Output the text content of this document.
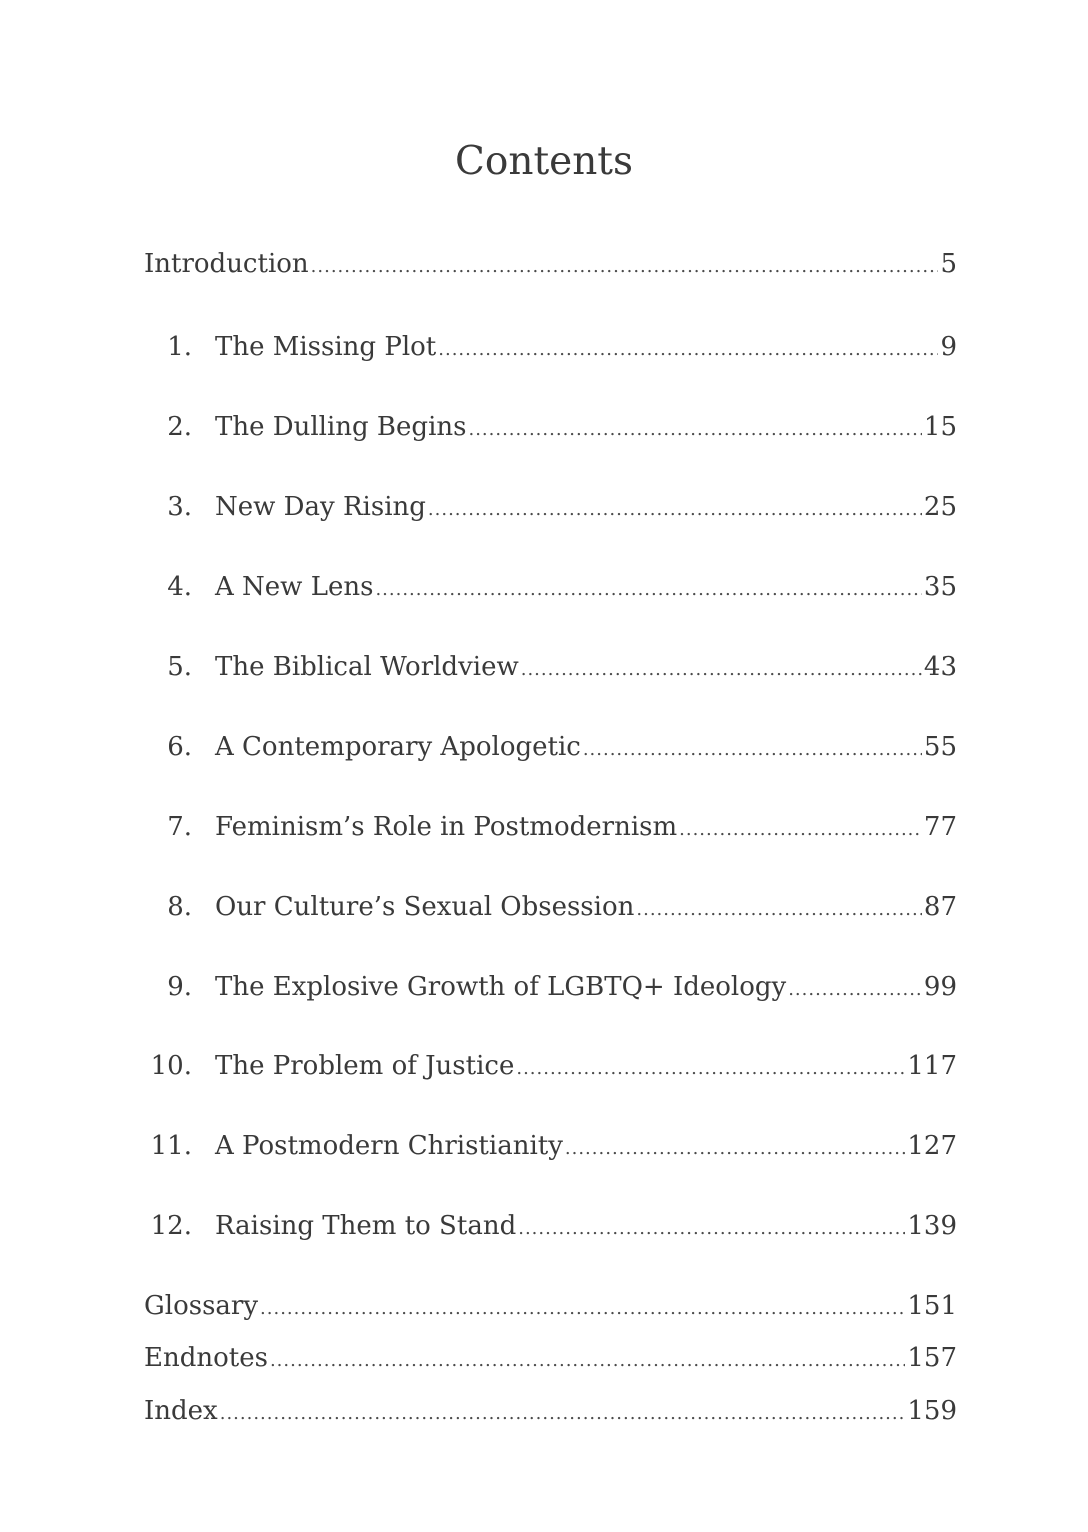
Contents
Introduction .....	5
1. The Missing Plot .....	9
2. The Dulling Begins .....	15
3. New Day Rising .....	25
4. A New Lens .....	35
5. The Biblical Worldview .....	43
6. A Contemporary Apologetic .....	55
7. Feminism’s Role in Postmodernism .....	77
8. Our Culture’s Sexual Obsession .....	87
9. The Explosive Growth of LGBTQ+ Ideology .....	99
10. The Problem of Justice .....	117
11. A Postmodern Christianity .....	127
12. Raising Them to Stand .....	139
Glossary .....	151
Endnotes .....	157
Index .....	159
